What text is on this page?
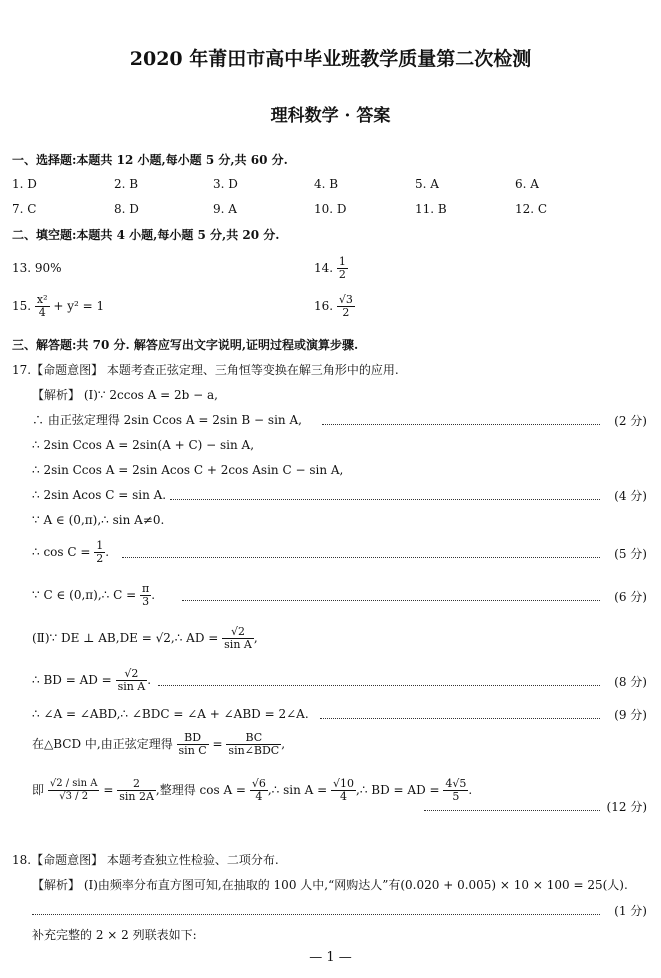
2020 年莆田市高中毕业班教学质量第二次检测
理科数学 · 答案
一、选择题:本题共 12 小题,每小题 5 分,共 60 分.
1. D	2. B	3. D	4. B	5. A	6. A
7. C	8. D	9. A	10. D	11. B	12. C
二、填空题:本题共 4 小题,每小题 5 分,共 20 分.
13. 90%	14. $\frac{1}{2}$
15. $\frac{\text{x²}}{4} + y^2 = 1$	16. $\frac{√3}{2}$
三、解答题:共 70 分. 解答应写出文字说明,证明过程或演算步骤.
17.【命题意图】 本题考查正弦定理、三角恒等变换在解三角形中的应用.
【解析】 (Ⅰ)∵ 2ccos A = 2b − a,
∴ 由正弦定理得 2sin Ccos A = 2sin B − sin A,	(2 分)
∴ 2sin Ccos A = 2sin(A + C) − sin A,
∴ 2sin Ccos A = 2sin Acos C + 2cos Asin C − sin A,
∴ 2sin Acos C = sin A.	(4 分)
∵ A ∈ (0,π),∴ sin A≠0.
∴ $\cos C = \frac{1}{2}$ .	(5 分)
∵ C ∈ (0,π),∴ $C = \frac{\pi}{3}$ .	(6 分)
(Ⅱ)∵ DE ⊥ AB,DE = √2,∴ AD = $\frac{√2}{\text{sin A}}$ ,
∴ BD = AD = $\frac{√2}{\text{sin A}}$ .	(8 分)
∴ ∠A = ∠ABD,∴ ∠BDC = ∠A + ∠ABD = 2∠A.	(9 分)
在△BCD 中,由正弦定理得 $\frac{BD}{\text{sin C}} = \frac{BC}{\text{sin∠BDC}}$ ,
即 $\frac{\text{√2 / sin A}}{√3 / 2} = \frac{2}{\sin 2A}$ ,整理得 $\cos A = \frac{√6}{4}$ ,∴ $\sin A = \frac{√10}{4}$ ,∴ BD = AD = $\frac{4√5}{5}$ .
(12 分)
18.【命题意图】 本题考查独立性检验、二项分布.
【解析】 (Ⅰ)由频率分布直方图可知,在抽取的 100 人中,“网购达人”有(0.020 + 0.005) × 10 × 100 = 25(人).
(1 分)
补充完整的 2 × 2 列联表如下:
— 1 —
